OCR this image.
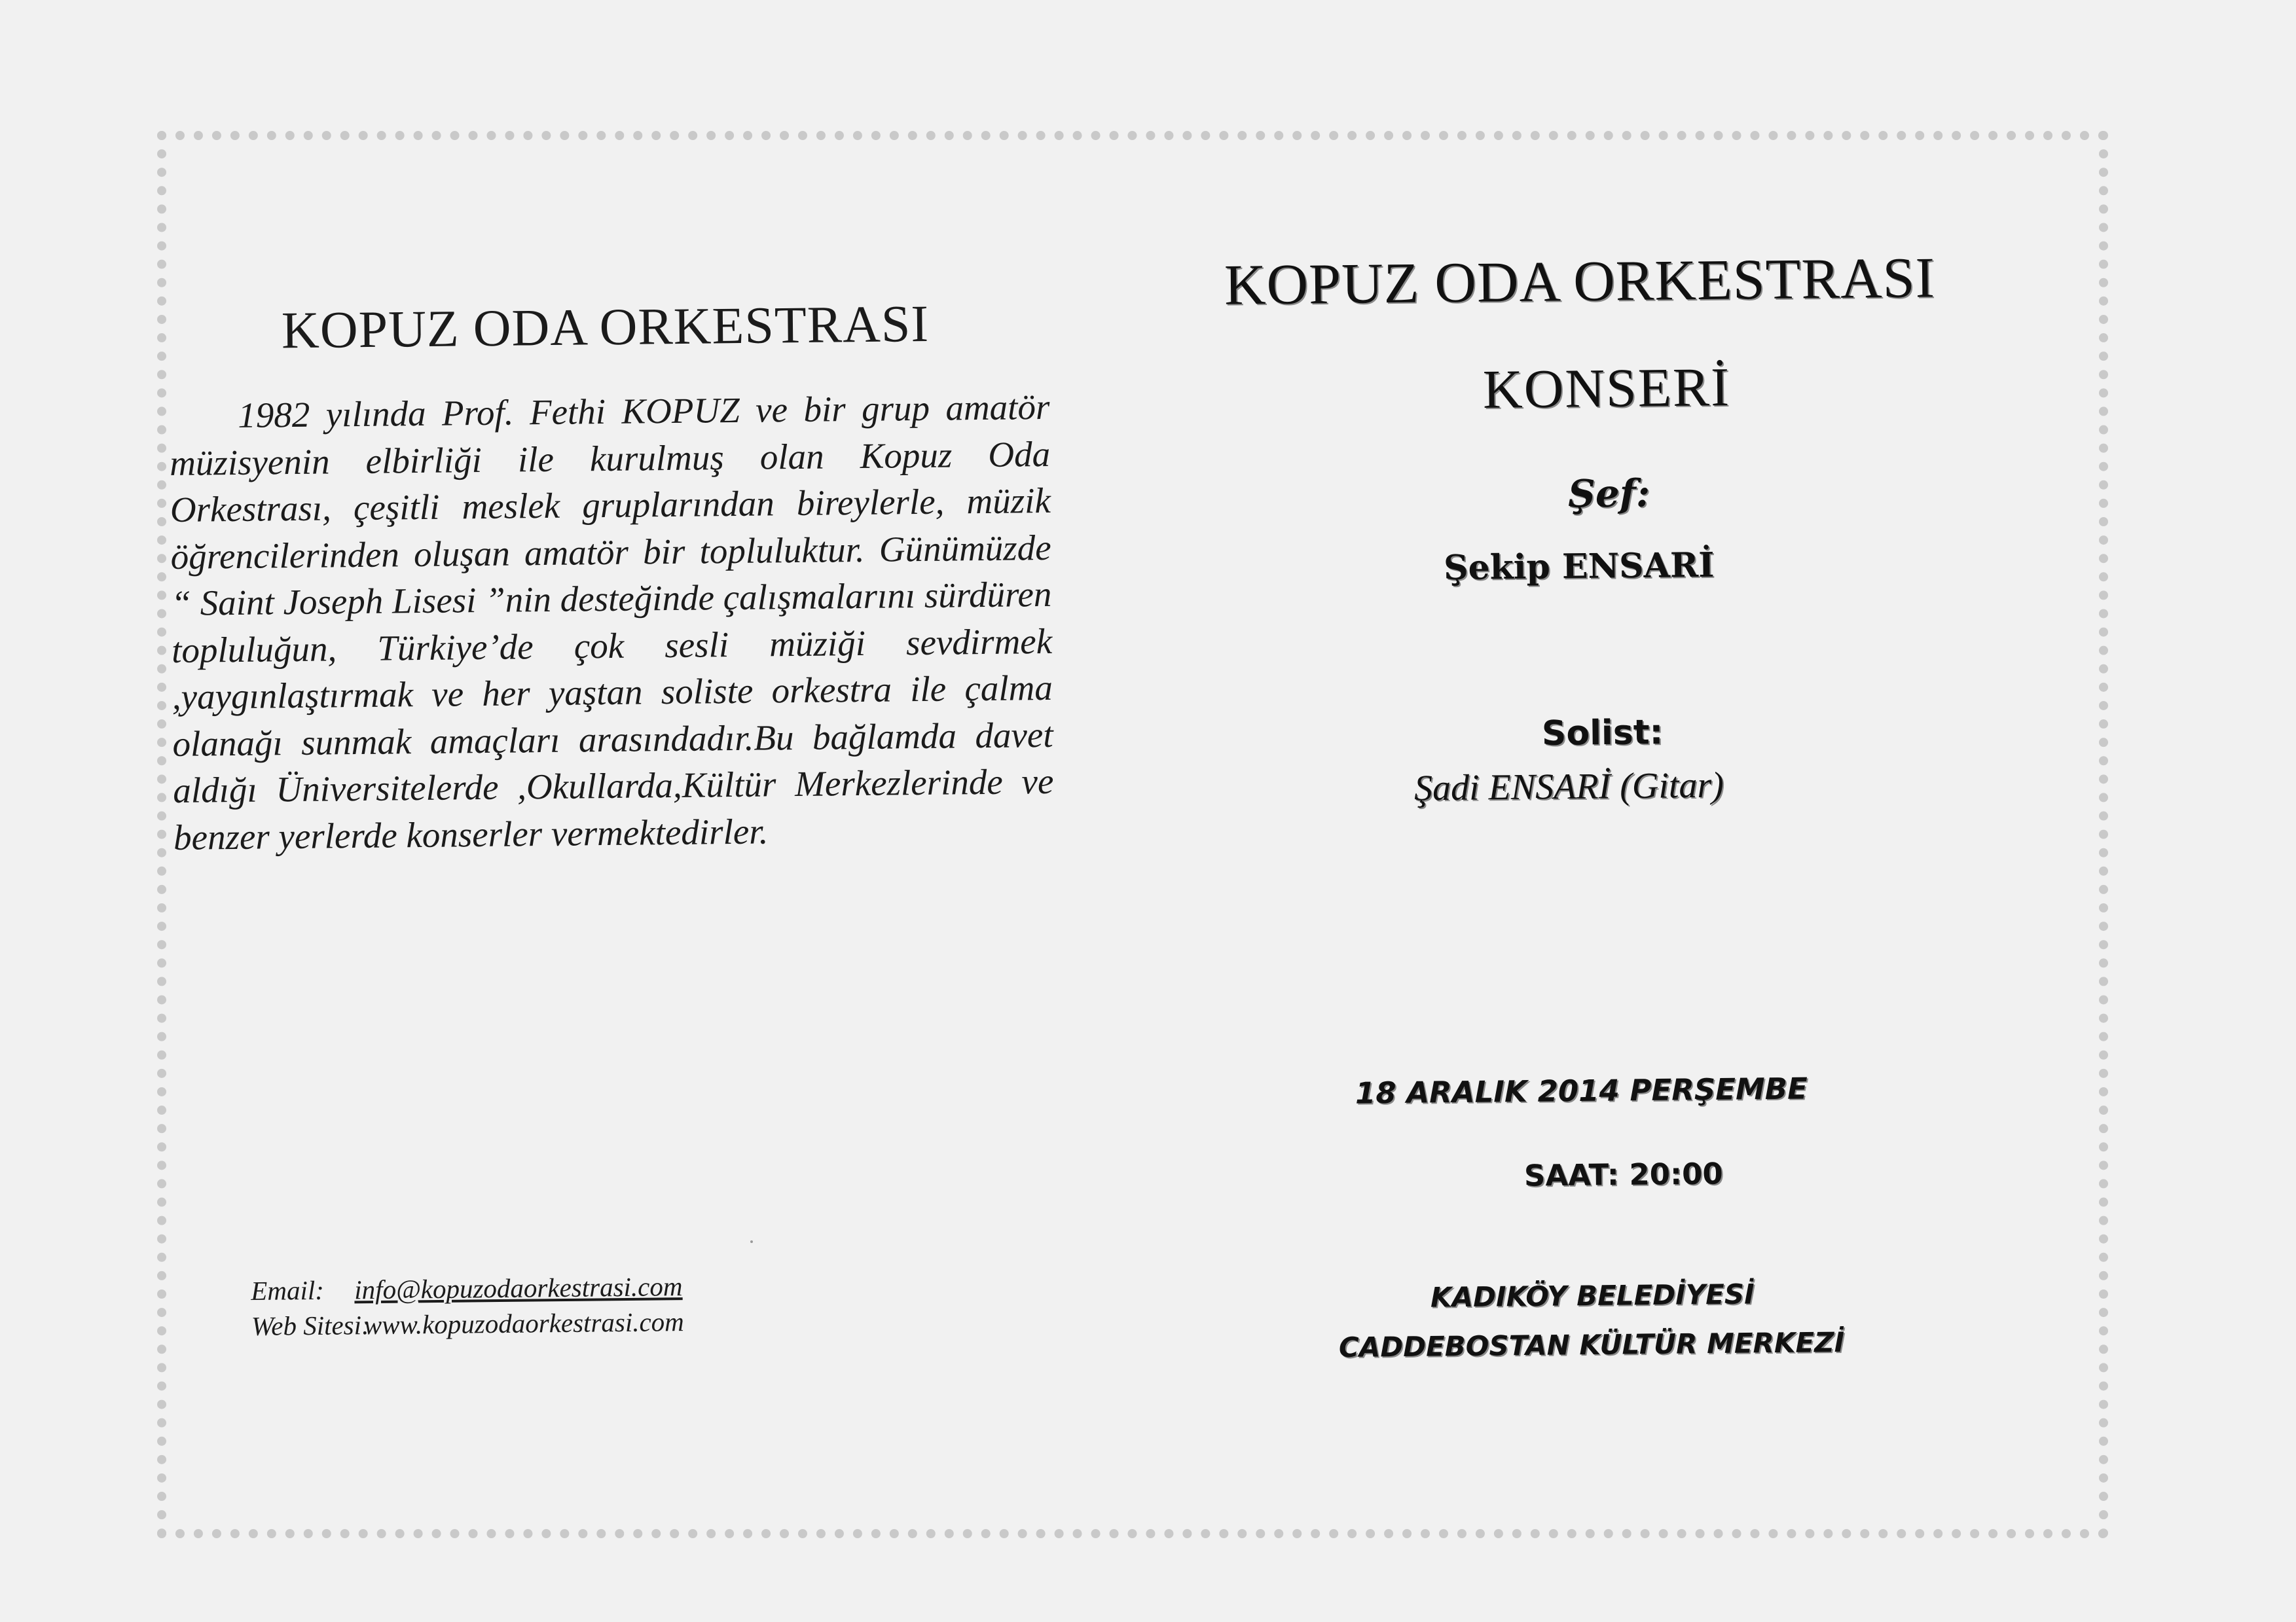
KOPUZ ODA ORKESTRASI

1982 yılında Prof. Fethi KOPUZ ve bir grup amatör müzisyenin elbirliği ile kurulmuş olan Kopuz Oda Orkestrası, çeşitli meslek gruplarından bireylerle, müzik öğrencilerinden oluşan amatör bir topluluktur. Günümüzde “ Saint Joseph Lisesi ”nin desteğinde çalışmalarını sürdüren topluluğun, Türkiye’de çok sesli müziği sevdirmek ,yaygınlaştırmak ve her yaştan soliste orkestra ile çalma olanağı sunmak amaçları arasındadır.Bu bağlamda davet aldığı Üniversitelerde ,Okullarda,Kültür Merkezlerinde ve benzer yerlerde konserler vermektedirler.

Email: info@kopuzodaorkestrasi.com
Web Sitesi:www.kopuzodaorkestrasi.com
KOPUZ ODA ORKESTRASI
KONSERİ
Şef:
Şekip ENSARİ
Solist:
Şadi ENSARİ (Gitar)
18 ARALIK 2014 PERŞEMBE
SAAT: 20:00
KADIKÖY BELEDİYESİ
CADDEBOSTAN KÜLTÜR MERKEZİ
